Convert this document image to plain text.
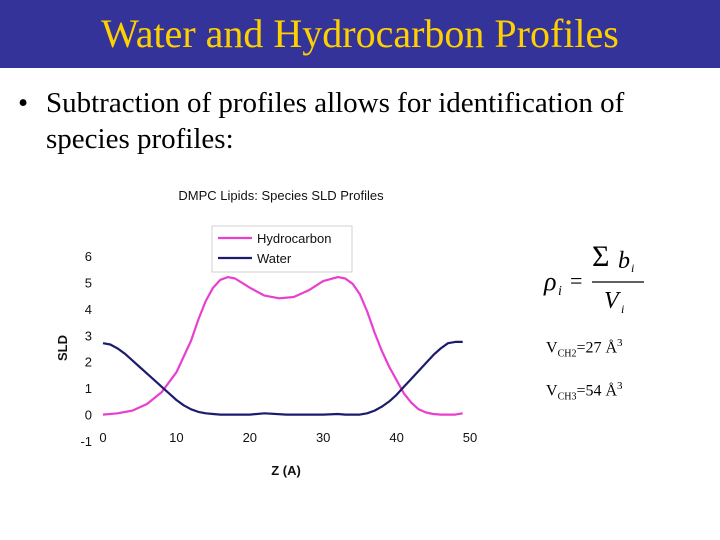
Water and Hydrocarbon Profiles
• Subtraction of profiles allows for identification of species profiles:
DMPC Lipids: Species SLD Profiles
-1
0
1
2
3
4
5
6
0	10	20	30	40	50
Z (A)
SLD
Hydrocarbon
Water
ρ i =
Σ b i
V i
$V_{CH2}=27$ $Å^3$
$V_{CH3}=54$ $Å^3$
